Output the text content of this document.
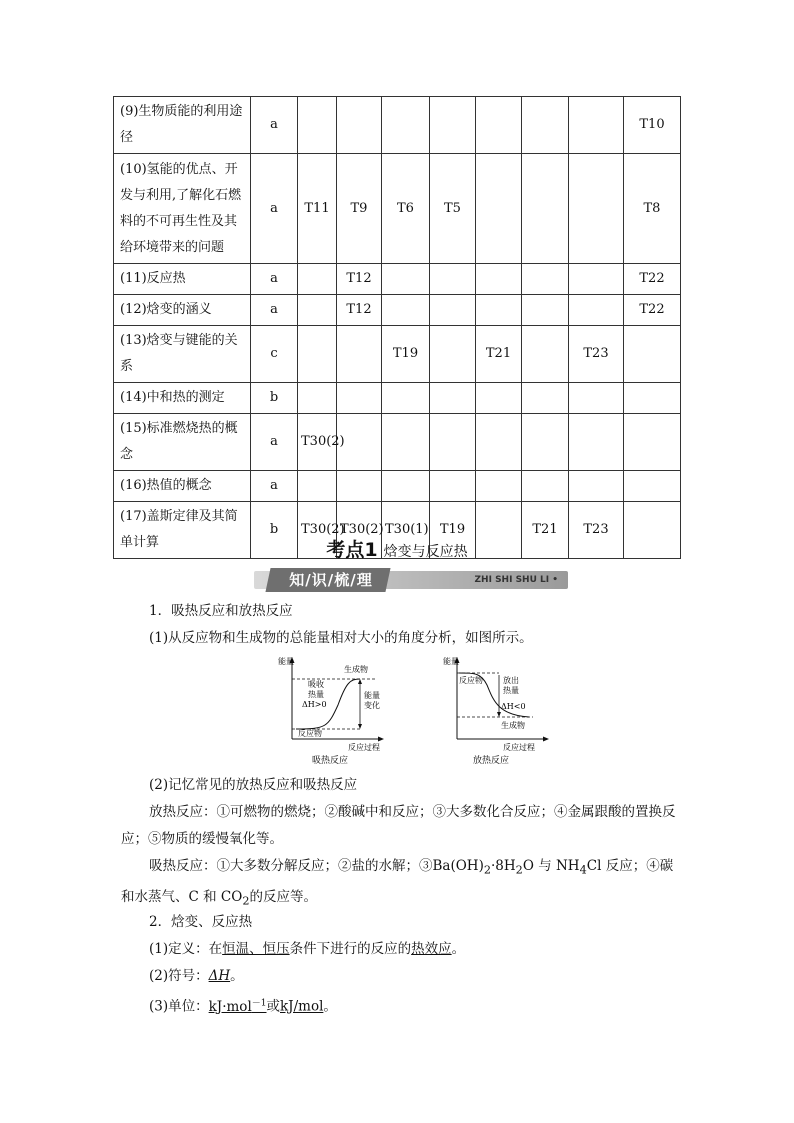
(9)生物质能的利用途径	a								T10
(10)氢能的优点、开发与利用,了解化石燃料的不可再生性及其给环境带来的问题	a	T11	T9	T6	T5				T8
(11)反应热	a		T12						T22
(12)焓变的涵义	a		T12						T22
(13)焓变与键能的关系	c			T19		T21		T23	
(14)中和热的测定	b								
(15)标准燃烧热的概念	a	T30(2)							
(16)热值的概念	a								
(17)盖斯定律及其简单计算	b	T30(2)	T30(2)	T30(1)	T19		T21	T23	
考点1 焓变与反应热
知/识/梳/理	ZHI SHI SHU LI •
1．吸热反应和放热反应
(1)从反应物和生成物的总能量相对大小的角度分析，如图所示。
能量
生成物
吸收热量
ΔH>0
反应物
能量变化
反应过程
吸热反应
能量
反应物	放出热量
ΔH<0
生成物
反应过程
放热反应
(2)记忆常见的放热反应和吸热反应
放热反应：①可燃物的燃烧；②酸碱中和反应；③大多数化合反应；④金属跟酸的置换反应；⑤物质的缓慢氧化等。
吸热反应：①大多数分解反应；②盐的水解；$③Ba(OH)_2\cdot 8H_2O$ 与 $NH_4Cl$ 反应；④碳和水蒸气、C 和 $CO_2$的反应等。
2．焓变、反应热
(1)定义：在恒温、恒压条件下进行的反应的热效应。
(2)符号：ΔH。
(3)单位：kJ·mol$^{-1}$或kJ/mol。
